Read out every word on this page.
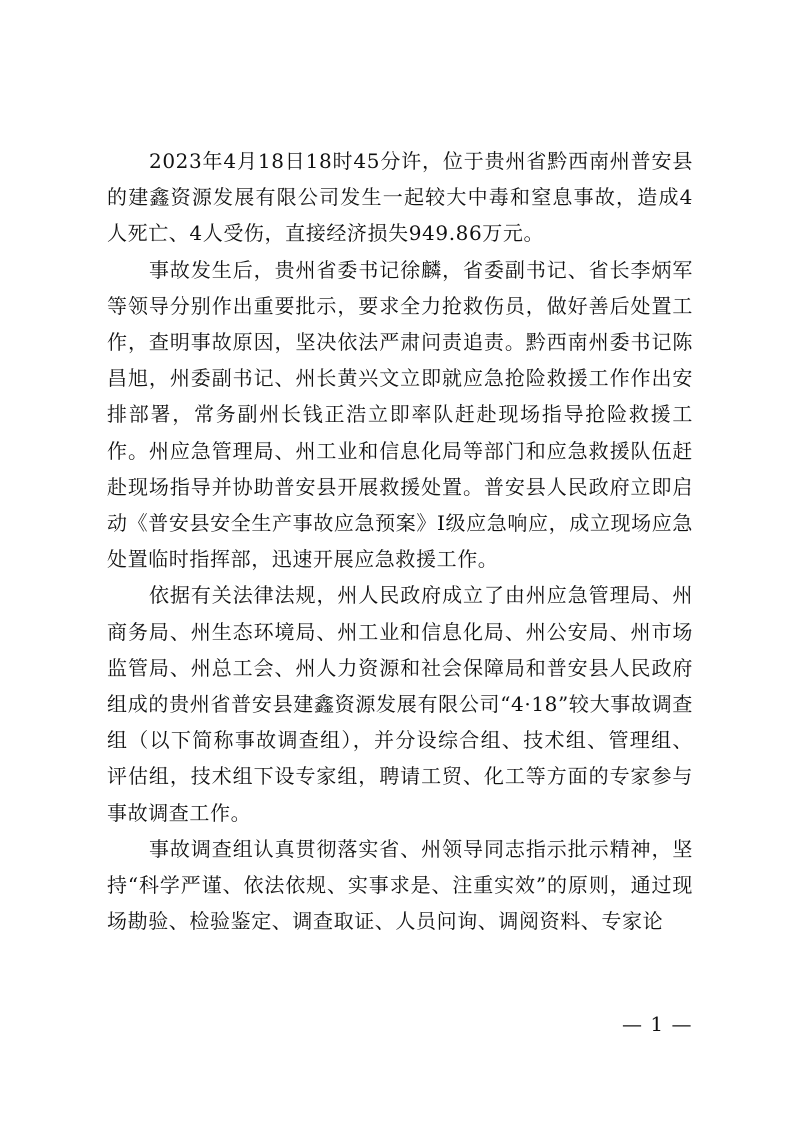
2023年4月18日18时45分许，位于贵州省黔西南州普安县的建鑫资源发展有限公司发生一起较大中毒和窒息事故，造成4人死亡、4人受伤，直接经济损失949.86万元。

事故发生后，贵州省委书记徐麟，省委副书记、省长李炳军等领导分别作出重要批示，要求全力抢救伤员，做好善后处置工作，查明事故原因，坚决依法严肃问责追责。黔西南州委书记陈昌旭，州委副书记、州长黄兴文立即就应急抢险救援工作作出安排部署，常务副州长钱正浩立即率队赶赴现场指导抢险救援工作。州应急管理局、州工业和信息化局等部门和应急救援队伍赶赴现场指导并协助普安县开展救援处置。普安县人民政府立即启动《普安县安全生产事故应急预案》Ⅰ级应急响应，成立现场应急处置临时指挥部，迅速开展应急救援工作。

依据有关法律法规，州人民政府成立了由州应急管理局、州商务局、州生态环境局、州工业和信息化局、州公安局、州市场监管局、州总工会、州人力资源和社会保障局和普安县人民政府组成的贵州省普安县建鑫资源发展有限公司“4·18”较大事故调查组（以下简称事故调查组），并分设综合组、技术组、管理组、评估组，技术组下设专家组，聘请工贸、化工等方面的专家参与事故调查工作。

事故调查组认真贯彻落实省、州领导同志指示批示精神，坚持“科学严谨、依法依规、实事求是、注重实效”的原则，通过现场勘验、检验鉴定、调查取证、人员问询、调阅资料、专家论

— 1 —
